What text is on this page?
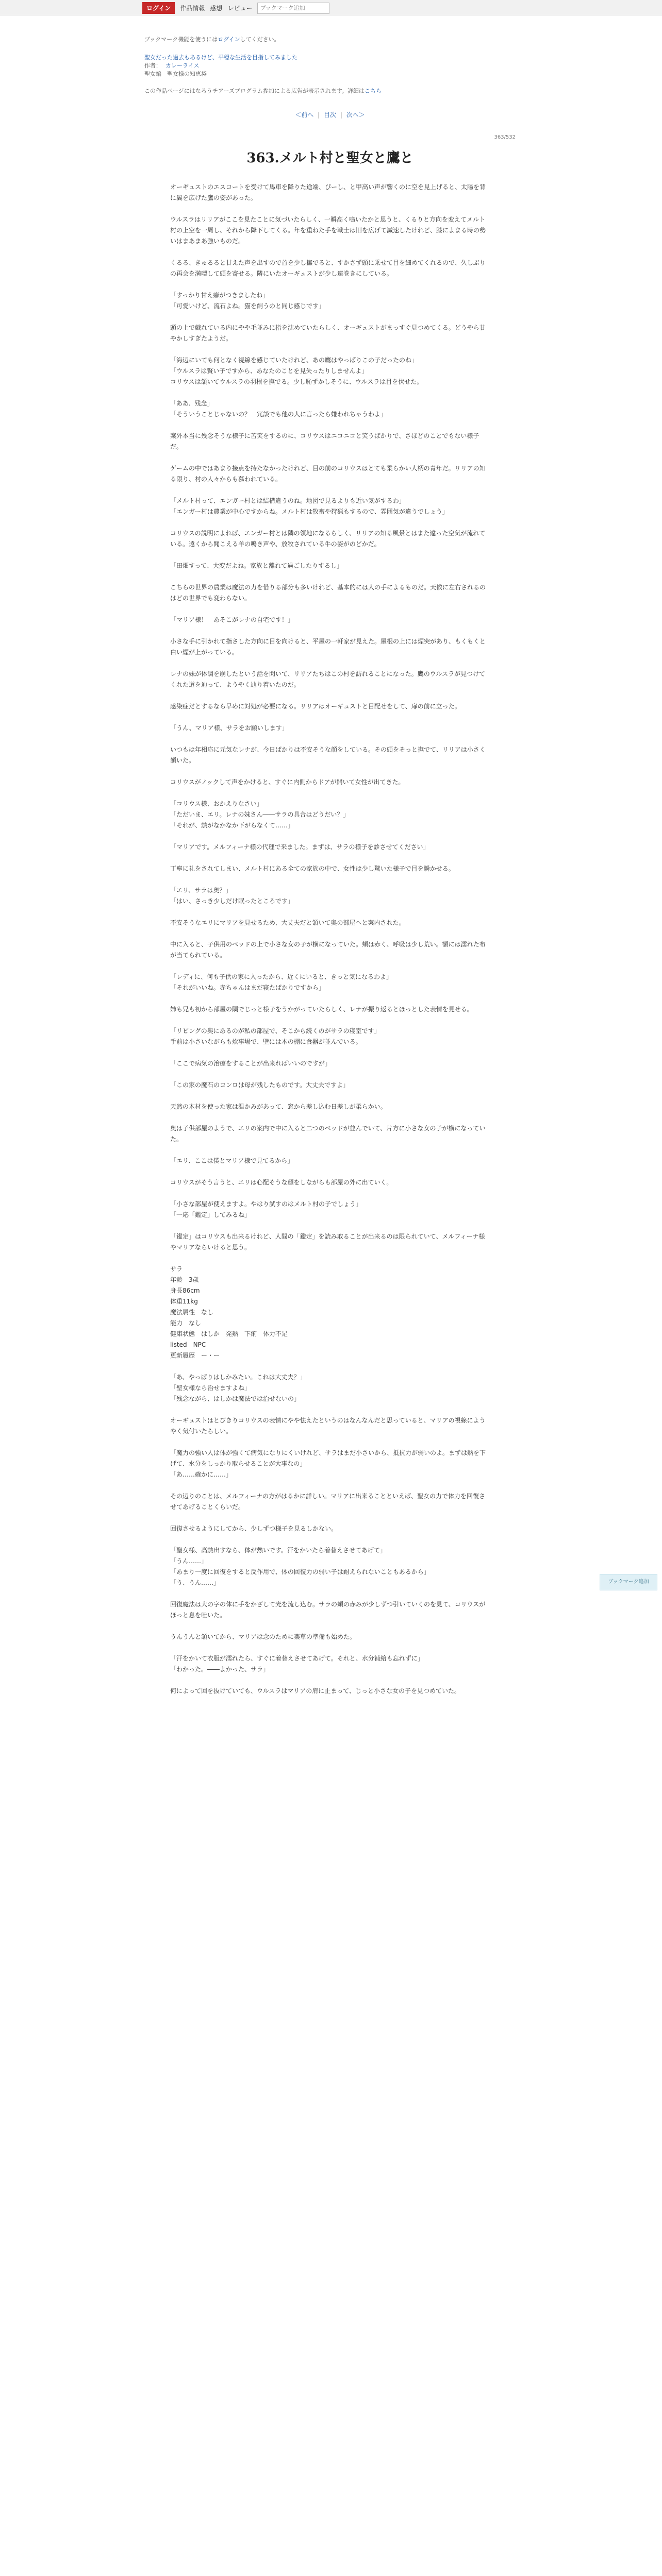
ログイン	作品情報 感想 レビュー
ブックマーク追加
ブックマーク機能を使うにはログインしてください。
聖女だった過去もあるけど、平穏な生活を目指してみました
作者： カレーライス
聖女編　聖女様の知恵袋
この作品ページにはなろうチアーズプログラム参加による広告が表示されます。詳細はこちら
＜前へ | 目次 | 次へ＞
363/532
363.メルト村と聖女と鷹と

オーギュストのエスコートを受けて馬車を降りた途端、ぴーし、と甲高い声が響くのに空を見上げると、太陽を背に翼を広げた鷹の姿があった。

ウルスラはリリアがここを見たことに気づいたらしく、一瞬高く鳴いたかと思うと、くるりと方向を変えてメルト村の上空を一周し、それから降下してくる。年を重ねた手を戦士は旧を広げて減速したけれど、膝によまる時の勢いはまあまあ強いものだ。

くるる、きゅるると甘えた声を出すので首を少し撫でると、すかさず頭に乗せて目を細めてくれるので、久しぶりの再会を満喫して頭を寄せる。隣にいたオーギュストが少し遠巻きにしている。

「すっかり甘え癖がつきましたね」
「可愛いけど、流石よね。猫を飼うのと同じ感じです」

頭の上で戯れている内にやや毛並みに指を沈めていたらしく、オーギュストがまっすぐ見つめてくる。どうやら甘やかしすぎたようだ。

「海辺にいても何となく視線を感じていたけれど、あの鷹はやっぱりこの子だったのね」
「ウルスラは賢い子ですから、あなたのことを見失ったりしませんよ」
コリウスは頷いてウルスラの羽根を撫でる。少し恥ずかしそうに、ウルスラは目を伏せた。

「ああ、残念」
「そういうことじゃないの？　冗談でも他の人に言ったら嫌われちゃうわよ」

案外本当に残念そうな様子に苦笑をするのに、コリウスはニコニコと笑うばかりで、さほどのことでもない様子だ。

ゲームの中ではあまり接点を持たなかったけれど、目の前のコリウスはとても柔らかい人柄の青年だ。リリアの知る限り、村の人々からも慕われている。

「メルト村って、エンガー村とは結構違うのね。地図で見るよりも近い気がするわ」
「エンガー村は農業が中心ですからね。メルト村は牧畜や狩猟もするので、雰囲気が違うでしょう」

コリウスの説明によれば、エンガー村とは隣の領地になるらしく、リリアの知る風景とはまた違った空気が流れている。遠くから聞こえる羊の鳴き声や、放牧されている牛の姿がのどかだ。

「田畑すって、大変だよね。家族と離れて過ごしたりするし」

こちらの世界の農業は魔法の力を借りる部分も多いけれど、基本的には人の手によるものだ。天候に左右されるのはどの世界でも変わらない。

「マリア様！　あそこがレナの自宅です！」

小さな手に引かれて指さした方向に目を向けると、平屋の一軒家が見えた。屋根の上には煙突があり、もくもくと白い煙が上がっている。

レナの妹が体調を崩したという話を聞いて、リリアたちはこの村を訪れることになった。鷹のウルスラが見つけてくれた道を辿って、ようやく辿り着いたのだ。

感染症だとするなら早めに対処が必要になる。リリアはオーギュストと目配せをして、扉の前に立った。

「うん、マリア様、サラをお願いします」

いつもは年相応に元気なレナが、今日ばかりは不安そうな顔をしている。その頭をそっと撫でて、リリアは小さく頷いた。

コリウスがノックして声をかけると、すぐに内側からドアが開いて女性が出てきた。

「コリウス様、おかえりなさい」
「ただいま、エリ。レナの妹さん――サラの具合はどうだい？」
「それが、熱がなかなか下がらなくて……」

「マリアです。メルフィーナ様の代理で来ました。まずは、サラの様子を診させてください」

丁寧に礼をされてしまい、メルト村にある全ての家族の中で、女性は少し驚いた様子で目を瞬かせる。

「エリ、サラは奥？」
「はい、さっき少しだけ眠ったところです」

不安そうなエリにマリアを見せるため、大丈夫だと頷いて奥の部屋へと案内された。

中に入ると、子供用のベッドの上で小さな女の子が横になっていた。頬は赤く、呼吸は少し荒い。額には濡れた布が当てられている。

「レディに、何も子供の家に入ったから、近くにいると、きっと気になるわよ」
「それがいいね。赤ちゃんはまだ寝たばかりですから」

姉も兄も初から部屋の隅でじっと様子をうかがっていたらしく、レナが振り返るとほっとした表情を見せる。

「リビングの奥にあるのが私の部屋で、そこから続くのがサラの寝室です」
手前は小さいながらも炊事場で、壁には木の棚に食器が並んでいる。

「ここで病気の治療をすることが出来ればいいのですが」

「この家の魔石のコンロは母が残したものです。大丈夫ですよ」

天然の木材を使った家は温かみがあって、窓から差し込む日差しが柔らかい。

奥は子供部屋のようで、エリの案内で中に入ると二つのベッドが並んでいて、片方に小さな女の子が横になっていた。

「エリ、ここは僕とマリア様で見てるから」

コリウスがそう言うと、エリは心配そうな顔をしながらも部屋の外に出ていく。

「小さな部屋が使えますよ。やはり試すのはメルト村の子でしょう」
「一応「鑑定」してみるね」

「鑑定」はコリウスも出来るけれど、人間の「鑑定」を読み取ることが出来るのは限られていて、メルフィーナ様やマリアならいけると思う。

サラ
年齢　3歳
身長86cm
体重11kg
魔法属性　なし
能力　なし
健康状態　はしか　発熱　下痢　体力不足
listed　NPC
更新履歴　ー・ー

「あ、やっぱりはしかみたい。これは大丈夫？」
「聖女様なら治せますよね」
「残念ながら、はしかは魔法では治せないの」

オーギュストはとびきりコリウスの表情にやや怯えたというのはなんなんだと思っていると、マリアの視線にようやく気付いたらしい。

「魔力の強い人は体が強くて病気になりにくいけれど、サラはまだ小さいから、抵抗力が弱いのよ。まずは熱を下げて、水分をしっかり取らせることが大事なの」
「あ……確かに……」

その辺りのことは、メルフィーナの方がはるかに詳しい。マリアに出来ることといえば、聖女の力で体力を回復させてあげることくらいだ。

回復させるようにしてから、少しずつ様子を見るしかない。

「聖女様、高熱出すなら、体が熱いです。汗をかいたら着替えさせてあげて」
「うん……」
「あまり一度に回復をすると反作用で、体の回復力の弱い子は耐えられないこともあるから」
「う、うん……」

回復魔法は大の字の体に手をかざして光を流し込む。サラの頬の赤みが少しずつ引いていくのを見て、コリウスがほっと息を吐いた。

うんうんと頷いてから、マリアは念のために薬草の準備も始めた。

「汗をかいて衣服が濡れたら、すぐに着替えさせてあげて。それと、水分補給も忘れずに」
「わかった。――よかった、サラ」

何によって回を抜けていても、ウルスラはマリアの肩に止まって、じっと小さな女の子を見つめていた。

ブックマーク追加
